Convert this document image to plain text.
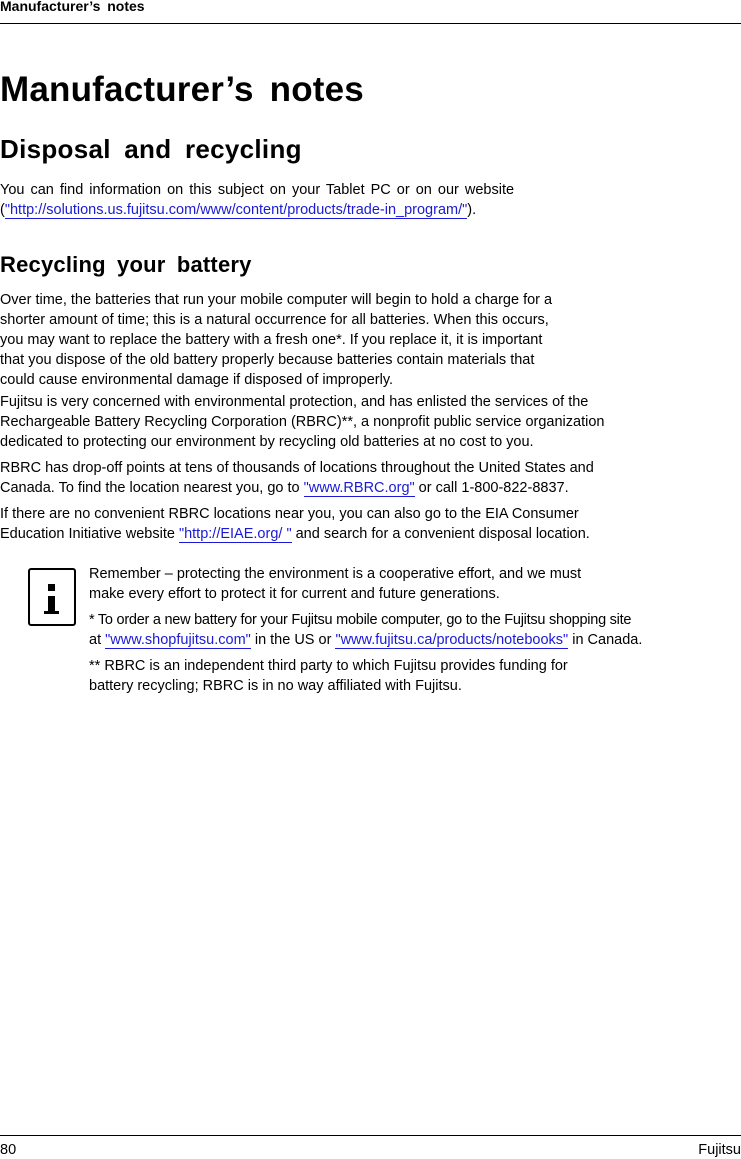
Manufacturer’s notes
Manufacturer’s notes
Disposal and recycling

You can find information on this subject on your Tablet PC or on our website
("http://solutions.us.fujitsu.com/www/content/products/trade-in_program/").

Recycling your battery

Over time, the batteries that run your mobile computer will begin to hold a charge for a
shorter amount of time; this is a natural occurrence for all batteries. When this occurs,
you may want to replace the battery with a fresh one*. If you replace it, it is important
that you dispose of the old battery properly because batteries contain materials that
could cause environmental damage if disposed of improperly.

Fujitsu is very concerned with environmental protection, and has enlisted the services of the
Rechargeable Battery Recycling Corporation (RBRC)**, a nonprofit public service organization
dedicated to protecting our environment by recycling old batteries at no cost to you.

RBRC has drop-off points at tens of thousands of locations throughout the United States and
Canada. To find the location nearest you, go to "www.RBRC.org" or call 1-800-822-8837.

If there are no convenient RBRC locations near you, you can also go to the EIA Consumer
Education Initiative website "http://EIAE.org/ " and search for a convenient disposal location.

Remember – protecting the environment is a cooperative effort, and we must
make every effort to protect it for current and future generations.

* To order a new battery for your Fujitsu mobile computer, go to the Fujitsu shopping site
at "www.shopfujitsu.com" in the US or "www.fujitsu.ca/products/notebooks" in Canada.

** RBRC is an independent third party to which Fujitsu provides funding for
battery recycling; RBRC is in no way affiliated with Fujitsu.

80	Fujitsu
